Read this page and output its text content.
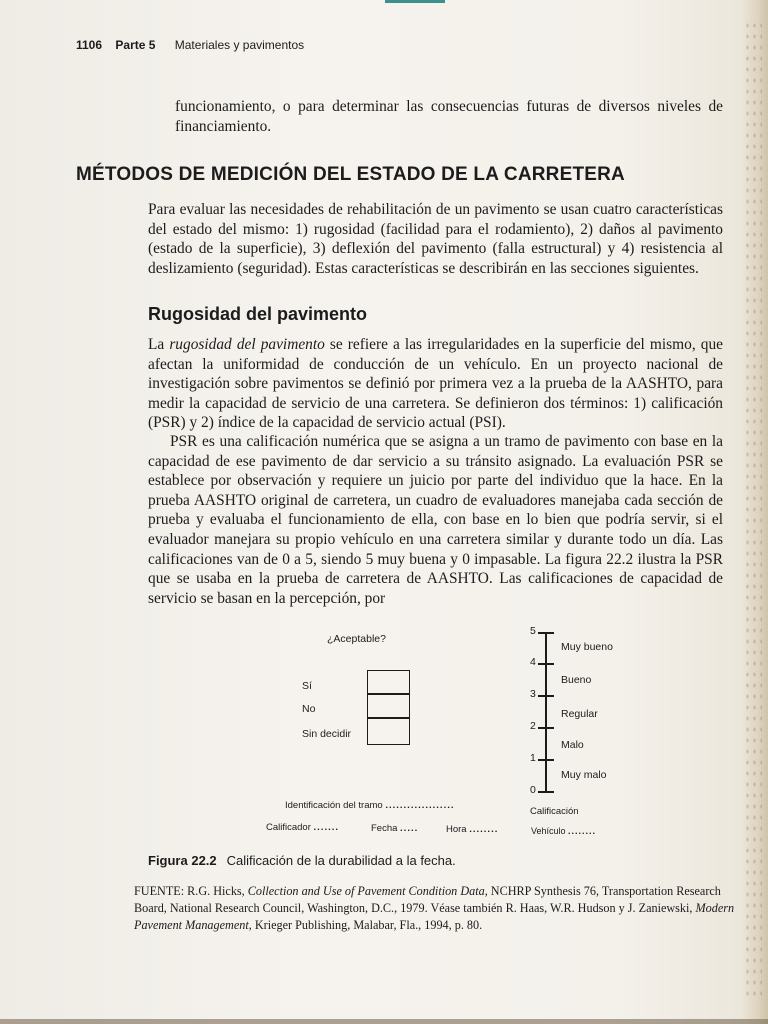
1106 Parte 5 Materiales y pavimentos
funcionamiento, o para determinar las consecuencias futuras de diversos niveles de financiamiento.
MÉTODOS DE MEDICIÓN DEL ESTADO DE LA CARRETERA
Para evaluar las necesidades de rehabilitación de un pavimento se usan cuatro características del estado del mismo: 1) rugosidad (facilidad para el rodamiento), 2) daños al pavimento (estado de la superficie), 3) deflexión del pavimento (falla estructural) y 4) resistencia al deslizamiento (seguridad). Estas características se describirán en las secciones siguientes.
Rugosidad del pavimento
La rugosidad del pavimento se refiere a las irregularidades en la superficie del mismo, que afectan la uniformidad de conducción de un vehículo. En un proyecto nacional de investigación sobre pavimentos se definió por primera vez a la prueba de la AASHTO, para medir la capacidad de servicio de una carretera. Se definieron dos términos: 1) calificación (PSR) y 2) índice de la capacidad de servicio actual (PSI).
PSR es una calificación numérica que se asigna a un tramo de pavimento con base en la capacidad de ese pavimento de dar servicio a su tránsito asignado. La evaluación PSR se establece por observación y requiere un juicio por parte del individuo que la hace. En la prueba AASHTO original de carretera, un cuadro de evaluadores manejaba cada sección de prueba y evaluaba el funcionamiento de ella, con base en lo bien que podría servir, si el evaluador manejara su propio vehículo en una carretera similar y durante todo un día. Las calificaciones van de 0 a 5, siendo 5 muy buena y 0 impasable. La figura 22.2 ilustra la PSR que se usaba en la prueba de carretera de AASHTO. Las calificaciones de capacidad de servicio se basan en la percepción, por
¿Aceptable?
Sí
No
Sin decidir
5
4
3
2
1
0
Muy bueno
Bueno
Regular
Malo
Muy malo
Identificación del tramo ...................
Calificación
Calificador .......	Fecha .....	Hora ........	Vehículo ........
Figura 22.2 Calificación de la durabilidad a la fecha.
FUENTE: R.G. Hicks, Collection and Use of Pavement Condition Data, NCHRP Synthesis 76, Transportation Research Board, National Research Council, Washington, D.C., 1979. Véase también R. Haas, W.R. Hudson y J. Zaniewski, Modern Pavement Management, Krieger Publishing, Malabar, Fla., 1994, p. 80.
